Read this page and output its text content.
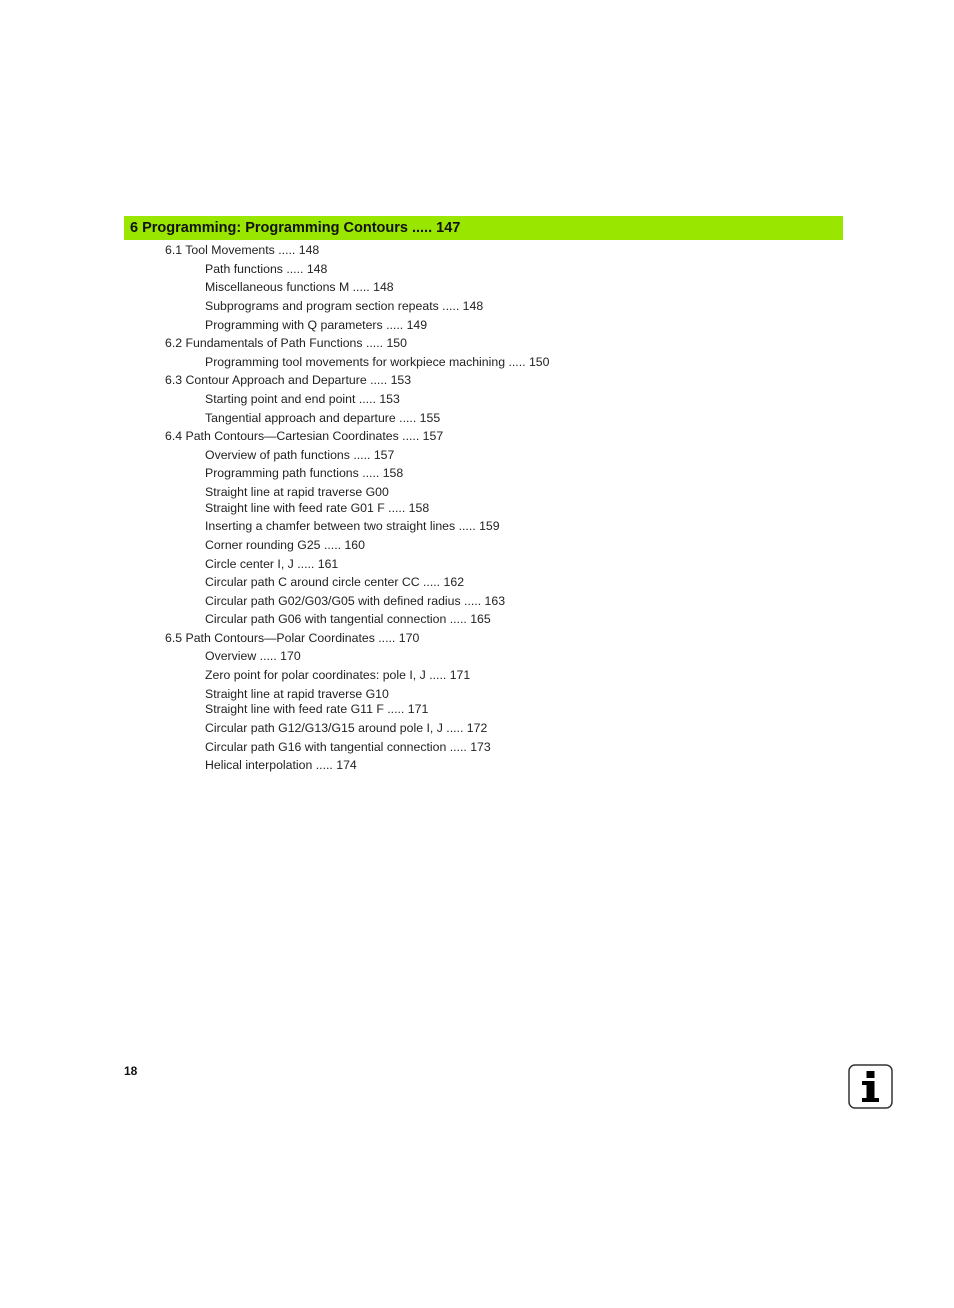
6 Programming: Programming Contours ..... 147
6.1 Tool Movements ..... 148
Path functions ..... 148
Miscellaneous functions M ..... 148
Subprograms and program section repeats ..... 148
Programming with Q parameters ..... 149
6.2 Fundamentals of Path Functions ..... 150
Programming tool movements for workpiece machining ..... 150
6.3 Contour Approach and Departure ..... 153
Starting point and end point ..... 153
Tangential approach and departure ..... 155
6.4 Path Contours—Cartesian Coordinates ..... 157
Overview of path functions ..... 157
Programming path functions ..... 158
Straight line at rapid traverse G00
Straight line with feed rate G01 F ..... 158
Inserting a chamfer between two straight lines ..... 159
Corner rounding G25 ..... 160
Circle center I, J ..... 161
Circular path C around circle center CC ..... 162
Circular path G02/G03/G05 with defined radius ..... 163
Circular path G06 with tangential connection ..... 165
6.5 Path Contours—Polar Coordinates ..... 170
Overview ..... 170
Zero point for polar coordinates: pole I, J ..... 171
Straight line at rapid traverse G10
Straight line with feed rate G11 F ..... 171
Circular path G12/G13/G15 around pole I, J ..... 172
Circular path G16 with tangential connection ..... 173
Helical interpolation ..... 174
18
